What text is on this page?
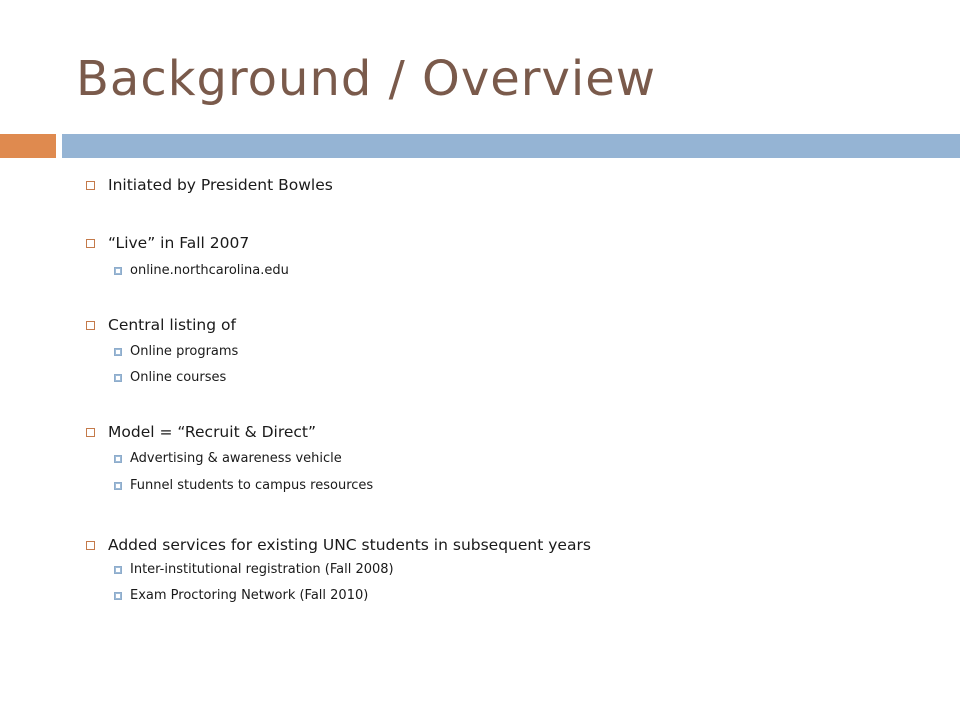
Background / Overview
Initiated by President Bowles
“Live” in Fall 2007
online.northcarolina.edu
Central listing of
Online programs
Online courses
Model = “Recruit & Direct”
Advertising & awareness vehicle
Funnel students to campus resources
Added services for existing UNC students in subsequent years
Inter-institutional registration (Fall 2008)
Exam Proctoring Network (Fall 2010)
